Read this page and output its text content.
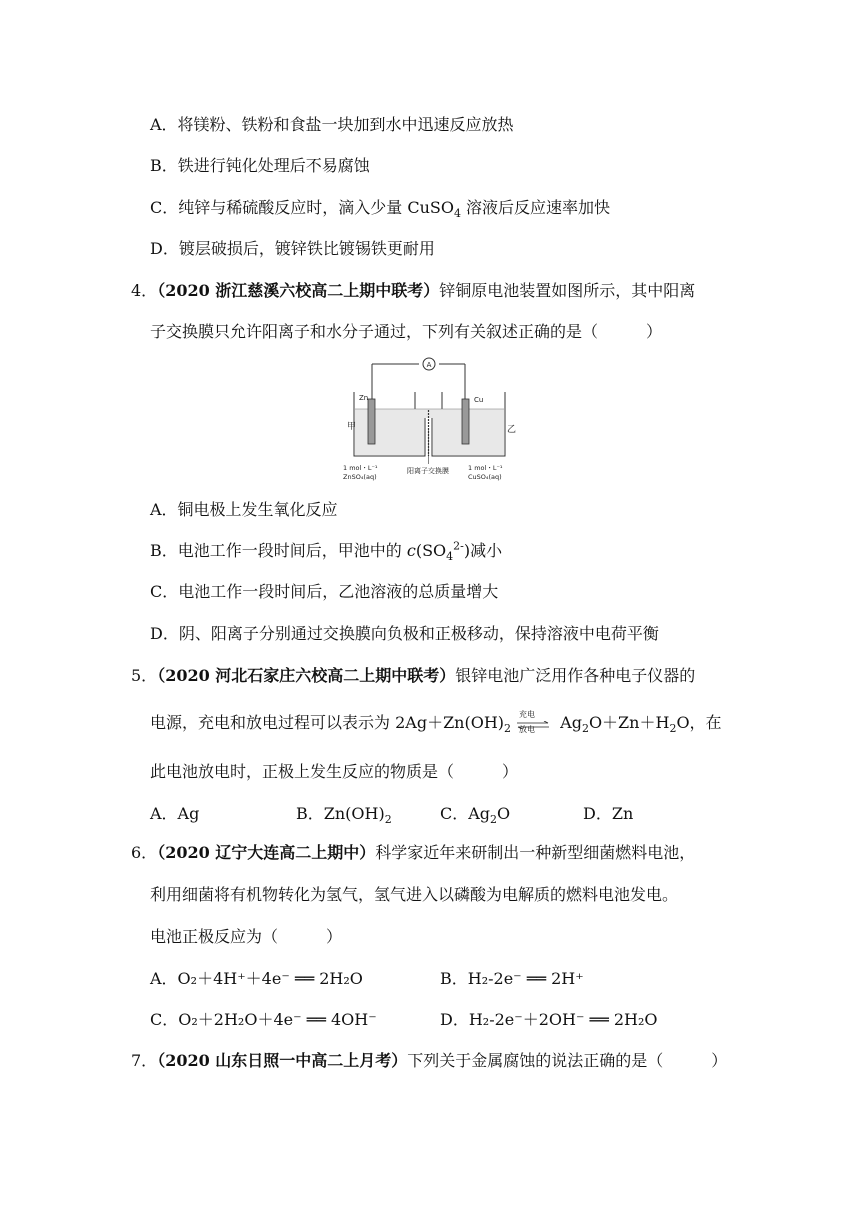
A．将镁粉、铁粉和食盐一块加到水中迅速反应放热
B．铁进行钝化处理后不易腐蚀
C．纯锌与稀硫酸反应时，滴入少量 CuSO$_4$ 溶液后反应速率加快
D．镀层破损后，镀锌铁比镀锡铁更耐用
4．（2020 浙江慈溪六校高二上期中联考）锌铜原电池装置如图所示，其中阳离
子交换膜只允许阳离子和水分子通过，下列有关叙述正确的是（　　　）
A
Zn	Cu
甲	乙
1 mol・L⁻¹
ZnSO₄(aq)
阳离子交换膜	1 mol・L⁻¹
CuSO₄(aq)
A．铜电极上发生氧化反应
B．电池工作一段时间后，甲池中的 $c(SO_4^{2-})$减小
C．电池工作一段时间后，乙池溶液的总质量增大
D．阴、阳离子分别通过交换膜向负极和正极移动，保持溶液中电荷平衡
5．（2020 河北石家庄六校高二上期中联考）银锌电池广泛用作各种电子仪器的
电源，充电和放电过程可以表示为 $2Ag+Zn(OH)_2$
充电
放电 $Ag_2O+Zn+H_2O$，在
此电池放电时，正极上发生反应的物质是（　　　）
A．Ag	B．$Zn(OH)_2$	C．$Ag_2O$	D．Zn
6．（2020 辽宁大连高二上期中）科学家近年来研制出一种新型细菌燃料电池，
利用细菌将有机物转化为氢气，氢气进入以磷酸为电解质的燃料电池发电。
电池正极反应为（　　　）
A．O₂＋4H⁺＋4e⁻ ══ 2H₂O	B．H₂-2e⁻ ══ 2H⁺
C．O₂＋2H₂O＋4e⁻ ══ 4OH⁻	D．H₂-2e⁻＋2OH⁻ ══ 2H₂O
7．（2020 山东日照一中高二上月考）下列关于金属腐蚀的说法正确的是（　　　）
